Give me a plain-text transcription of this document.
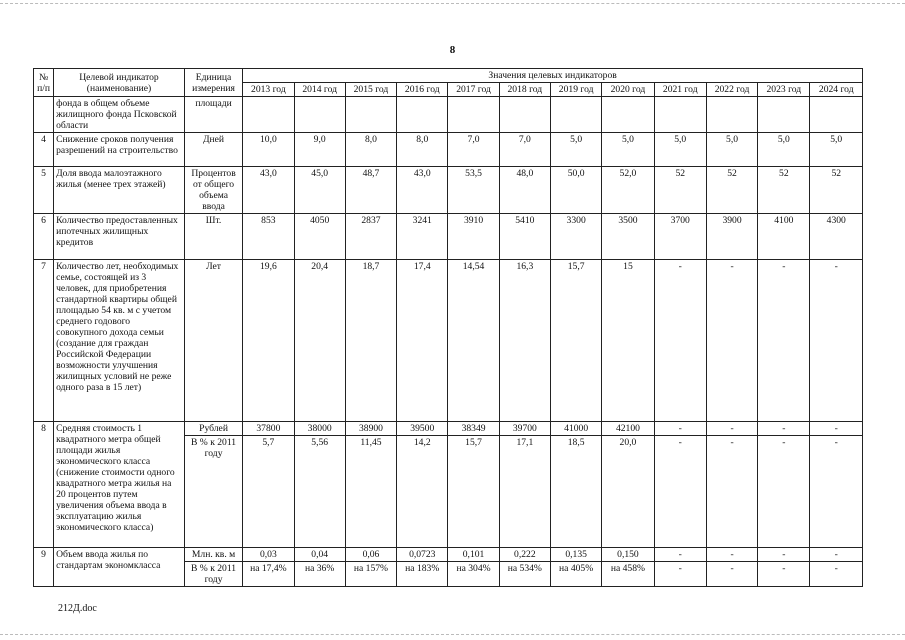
8
№ п/п	Целевой индикатор (наименование)	Единица измерения	Значения целевых индикаторов											
			2013 год	2014 год	2015 год	2016 год	2017 год	2018 год	2019 год	2020 год	2021 год	2022 год	2023 год	2024 год
	фонда в общем объеме жилищного фонда Псковской области	площади												
4	Снижение сроков получения разрешений на строительство	Дней	10,0	9,0	8,0	8,0	7,0	7,0	5,0	5,0	5,0	5,0	5,0	5,0
5	Доля ввода малоэтажного жилья (менее трех этажей)	Процентов от общего объема ввода	43,0	45,0	48,7	43,0	53,5	48,0	50,0	52,0	52	52	52	52
6	Количество предоставленных ипотечных жилищных кредитов	Шт.	853	4050	2837	3241	3910	5410	3300	3500	3700	3900	4100	4300
7	Количество лет, необходимых семье, состоящей из 3 человек, для приобретения стандартной квартиры общей площадью 54 кв. м с учетом среднего годового совокупного дохода семьи (создание для граждан Российской Федерации возможности улучшения жилищных условий не реже одного раза в 15 лет)	Лет	19,6	20,4	18,7	17,4	14,54	16,3	15,7	15	-	-	-	-
8	Средняя стоимость 1 квадратного метра общей площади жилья экономического класса (снижение стоимости одного квадратного метра жилья на 20 процентов путем увеличения объема ввода в эксплуатацию жилья экономического класса)	Рублей	37800	38000	38900	39500	38349	39700	41000	42100	-	-	-	-
		В % к 2011 году	5,7	5,56	11,45	14,2	15,7	17,1	18,5	20,0	-	-	-	-
9	Объем ввода жилья по стандартам экономкласса	Млн. кв. м	0,03	0,04	0,06	0,0723	0,101	0,222	0,135	0,150	-	-	-	-
		В % к 2011 году	на 17,4%	на 36%	на 157%	на 183%	на 304%	на 534%	на 405%	на 458%	-	-	-	-
212Д.doc
